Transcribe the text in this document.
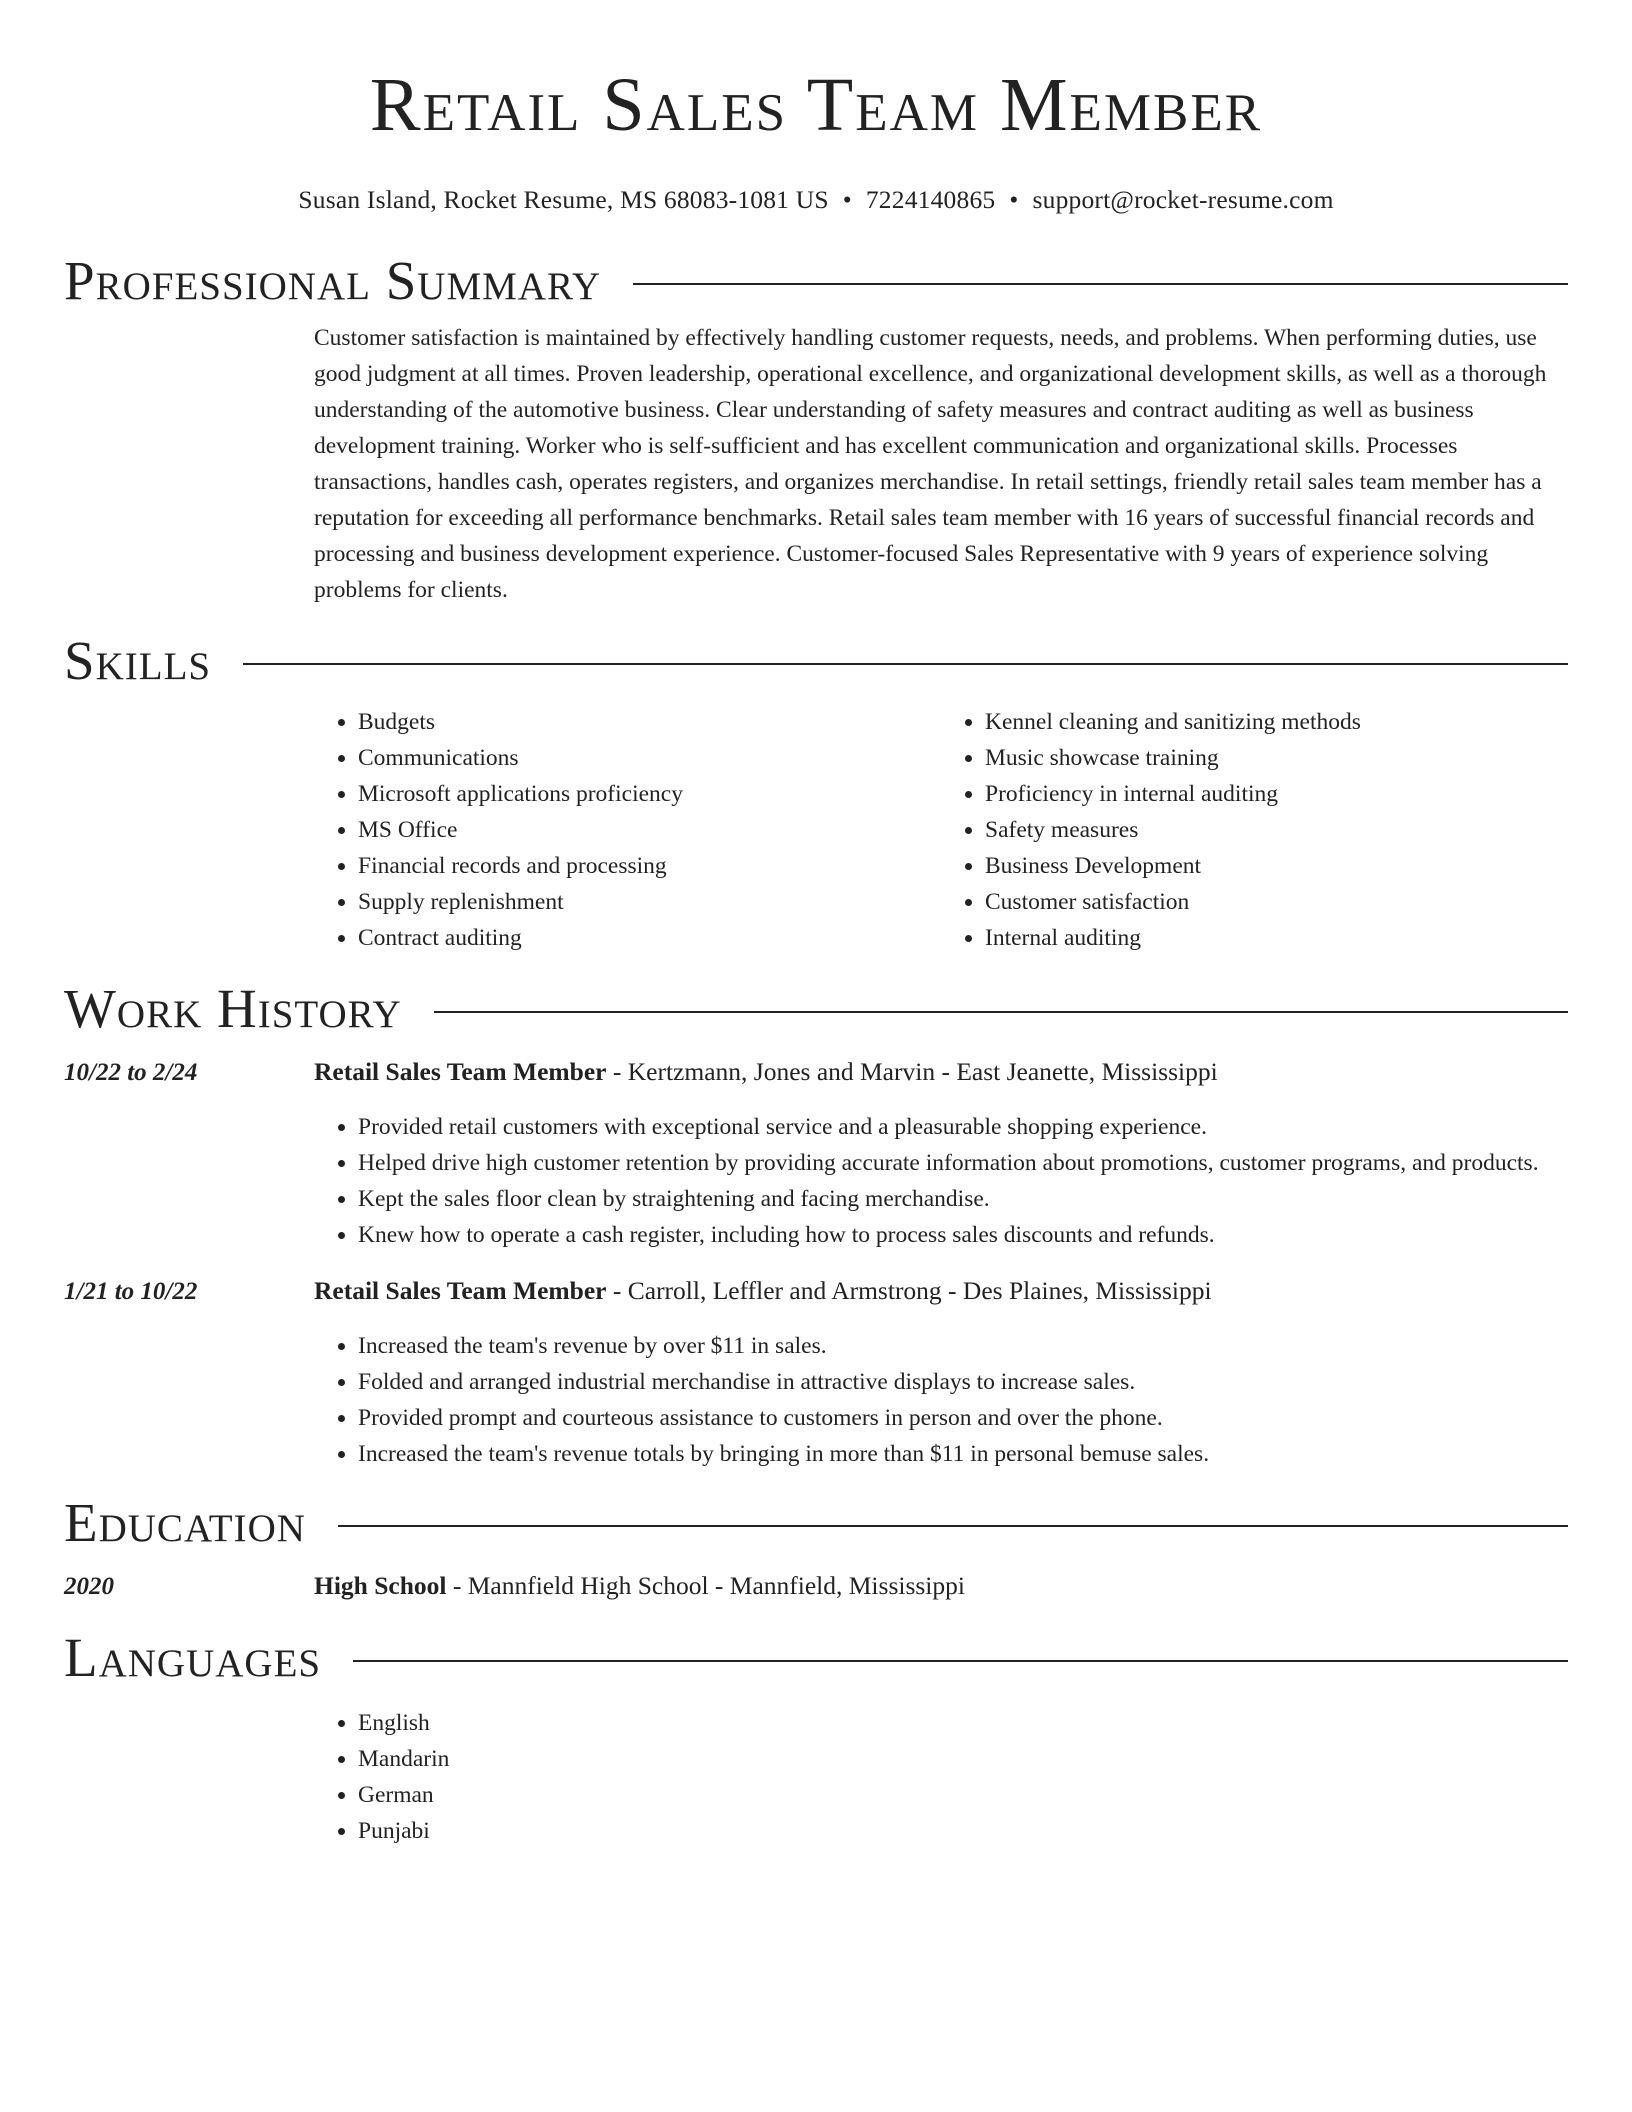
Retail Sales Team Member
Susan Island, Rocket Resume, MS 68083-1081 US • 7224140865 • support@rocket-resume.com
Professional Summary

Customer satisfaction is maintained by effectively handling customer requests, needs, and problems. When performing duties, use good judgment at all times. Proven leadership, operational excellence, and organizational development skills, as well as a thorough understanding of the automotive business. Clear understanding of safety measures and contract auditing as well as business development training. Worker who is self-sufficient and has excellent communication and organizational skills. Processes transactions, handles cash, operates registers, and organizes merchandise. In retail settings, friendly retail sales team member has a reputation for exceeding all performance benchmarks. Retail sales team member with 16 years of successful financial records and processing and business development experience. Customer-focused Sales Representative with 9 years of experience solving problems for clients.

Skills
• Budgets
• Communications
• Microsoft applications proficiency
• MS Office
• Financial records and processing
• Supply replenishment
• Contract auditing
• Kennel cleaning and sanitizing methods
• Music showcase training
• Proficiency in internal auditing
• Safety measures
• Business Development
• Customer satisfaction
• Internal auditing
Work History
10/22 to 2/24	Retail Sales Team Member - Kertzmann, Jones and Marvin - East Jeanette, Mississippi
• Provided retail customers with exceptional service and a pleasurable shopping experience.
• Helped drive high customer retention by providing accurate information about promotions, customer programs, and products.
• Kept the sales floor clean by straightening and facing merchandise.
• Knew how to operate a cash register, including how to process sales discounts and refunds.
1/21 to 10/22	Retail Sales Team Member - Carroll, Leffler and Armstrong - Des Plaines, Mississippi
• Increased the team's revenue by over $11 in sales.
• Folded and arranged industrial merchandise in attractive displays to increase sales.
• Provided prompt and courteous assistance to customers in person and over the phone.
• Increased the team's revenue totals by bringing in more than $11 in personal bemuse sales.
Education
2020	High School - Mannfield High School - Mannfield, Mississippi
Languages
• English
• Mandarin
• German
• Punjabi
